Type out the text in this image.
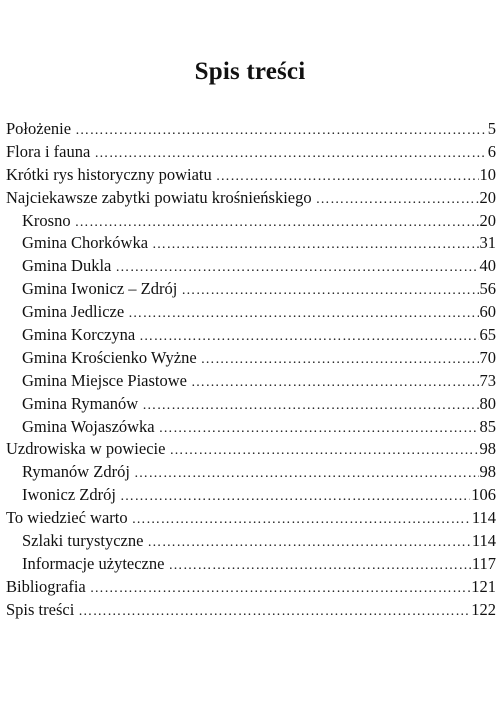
Spis treści
Położenie ………………………………………………………………………………………………………………	5
Flora i fauna ………………………………………………………………………………………………………………	6
Krótki rys historyczny powiatu ………………………………………………………………………………………………………………	10
Najciekawsze zabytki powiatu krośnieńskiego ………………………………………………………………………………………………………………	20
Krosno ………………………………………………………………………………………………………………	20
Gmina Chorkówka ………………………………………………………………………………………………………………	31
Gmina Dukla ………………………………………………………………………………………………………………	40
Gmina Iwonicz – Zdrój ………………………………………………………………………………………………………………	56
Gmina Jedlicze ………………………………………………………………………………………………………………	60
Gmina Korczyna ………………………………………………………………………………………………………………	65
Gmina Krościenko Wyżne ………………………………………………………………………………………………………………	70
Gmina Miejsce Piastowe ………………………………………………………………………………………………………………	73
Gmina Rymanów ………………………………………………………………………………………………………………	80
Gmina Wojaszówka ………………………………………………………………………………………………………………	85
Uzdrowiska w powiecie ………………………………………………………………………………………………………………	98
Rymanów Zdrój ………………………………………………………………………………………………………………	98
Iwonicz Zdrój ………………………………………………………………………………………………………………	106
To wiedzieć warto ………………………………………………………………………………………………………………	114
Szlaki turystyczne ………………………………………………………………………………………………………………	114
Informacje użyteczne ………………………………………………………………………………………………………………	117
Bibliografia ………………………………………………………………………………………………………………	121
Spis treści ………………………………………………………………………………………………………………	122
